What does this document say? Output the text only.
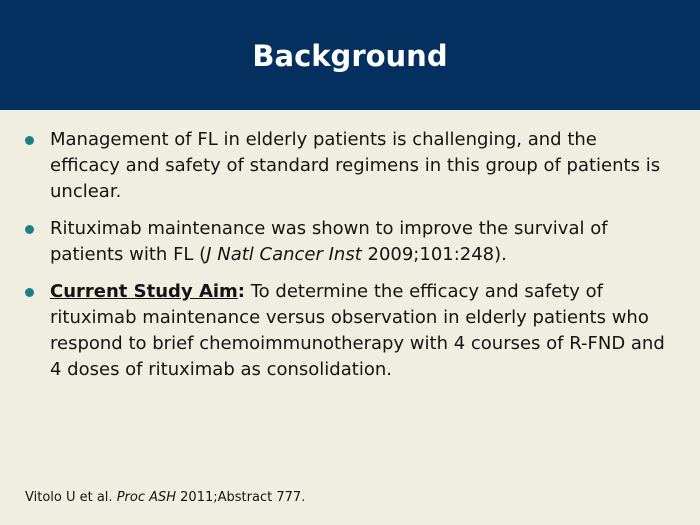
Background
Management of FL in elderly patients is challenging, and the efficacy and safety of standard regimens in this group of patients is unclear.
Rituximab maintenance was shown to improve the survival of patients with FL (J Natl Cancer Inst 2009;101:248).
Current Study Aim: To determine the efficacy and safety of rituximab maintenance versus observation in elderly patients who respond to brief chemoimmunotherapy with 4 courses of R-FND and 4 doses of rituximab as consolidation.
Vitolo U et al. Proc ASH 2011;Abstract 777.
